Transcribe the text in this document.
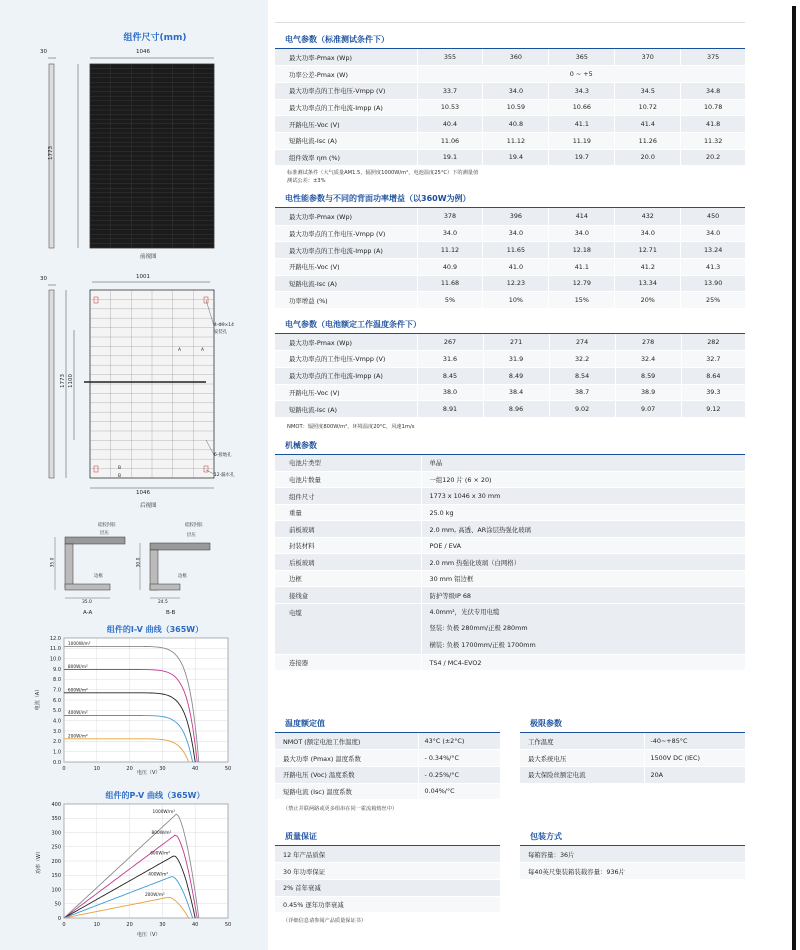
组件尺寸(mm)
30	1046
1773
前视图
30	1001
1773 1100
4-Φ9×14
安装孔
A	A
B
B
6-接地孔
12-漏水孔
1046
后视图
硅胶封胶
层压
边框
硅胶封胶
层压
边框
35.0	30.0
35.0	24.5
A-A	B-B
组件的I-V 曲线（365W）
0.0
1.0
2.0
3.0
4.0
5.0
6.0
7.0
8.0
9.0
10.0
11.0
12.0
0	10	20	30	40	50
1000W/m²
800W/m²
600W/m²
400W/m²
200W/m²
电流（A）
电压（V）
组件的P-V 曲线（365W）
0
50
100
150
200
250
300
350
400
0	10	20	30	40	50
1000W/m²
800W/m²
600W/m²
400W/m²
200W/m²
功率（W）
电压（V）
电气参数（标准测试条件下）
最大功率-Pmax (Wp)	355	360	365	370	375
功率公差-Pmax (W)	0 ~ +5				
最大功率点的工作电压-Vmpp (V)	33.7	34.0	34.3	34.5	34.8
最大功率点的工作电流-Impp (A)	10.53	10.59	10.66	10.72	10.78
开路电压-Voc (V)	40.4	40.8	41.1	41.4	41.8
短路电流-Isc (A)	11.06	11.12	11.19	11.26	11.32
组件效率 ηm (%)	19.1	19.4	19.7	20.0	20.2
标准测试条件（大气质量AM1.5，辐照度1000W/m²，电池温度25°C）下的测量值
测试公差：±3%
电性能参数与不同的背面功率增益（以360W为例）
最大功率-Pmax (Wp)	378	396	414	432	450
最大功率点的工作电压-Vmpp (V)	34.0	34.0	34.0	34.0	34.0
最大功率点的工作电流-Impp (A)	11.12	11.65	12.18	12.71	13.24
开路电压-Voc (V)	40.9	41.0	41.1	41.2	41.3
短路电流-Isc (A)	11.68	12.23	12.79	13.34	13.90
功率增益 (%)	5%	10%	15%	20%	25%
电气参数（电池额定工作温度条件下）
最大功率-Pmax (Wp)	267	271	274	278	282
最大功率点的工作电压-Vmpp (V)	31.6	31.9	32.2	32.4	32.7
最大功率点的工作电流-Impp (A)	8.45	8.49	8.54	8.59	8.64
开路电压-Voc (V)	38.0	38.4	38.7	38.9	39.3
短路电流-Isc (A)	8.91	8.96	9.02	9.07	9.12
NMOT：辐照度800W/m²，环境温度20°C，风速1m/s
机械参数
电池片类型	单晶
电池片数量	一组120 片 (6 × 20)
组件尺寸	1773 x 1046 x 30 mm
重量	25.0 kg
前板玻璃	2.0 mm, 高透、AR涂层热强化玻璃
封装材料	POE / EVA
后板玻璃	2.0 mm 热强化玻璃（白网格）
边框	30 mm 铝边框
接线盒	防护等级IP 68
电缆	4.0mm²，光伏专用电缆
竖装: 负极 280mm/正极 280mm
横装: 负极 1700mm/正极 1700mm

连接器	TS4 / MC4-EVO2
温度额定值
NMOT (额定电池工作温度)	43°C (±2°C)
最大功率 (Pmax) 温度系数	- 0.34%/°C
开路电压 (Voc) 温度系数	- 0.25%/°C
短路电流 (Isc) 温度系数	0.04%/°C
（禁止并联两路或更多组串在同一霍流箱熔丝中）
极限参数
工作温度	-40~+85°C
最大系统电压	1500V DC (IEC)
最大保险丝额定电流	20A
质量保证
12 年产品质保
30 年功率保证
2% 首年衰减
0.45% 逐年功率衰减
（详细信息请参阅产品质量保证书）
包装方式
每箱容量：36片
每40英尺集装箱装载容量：936片
